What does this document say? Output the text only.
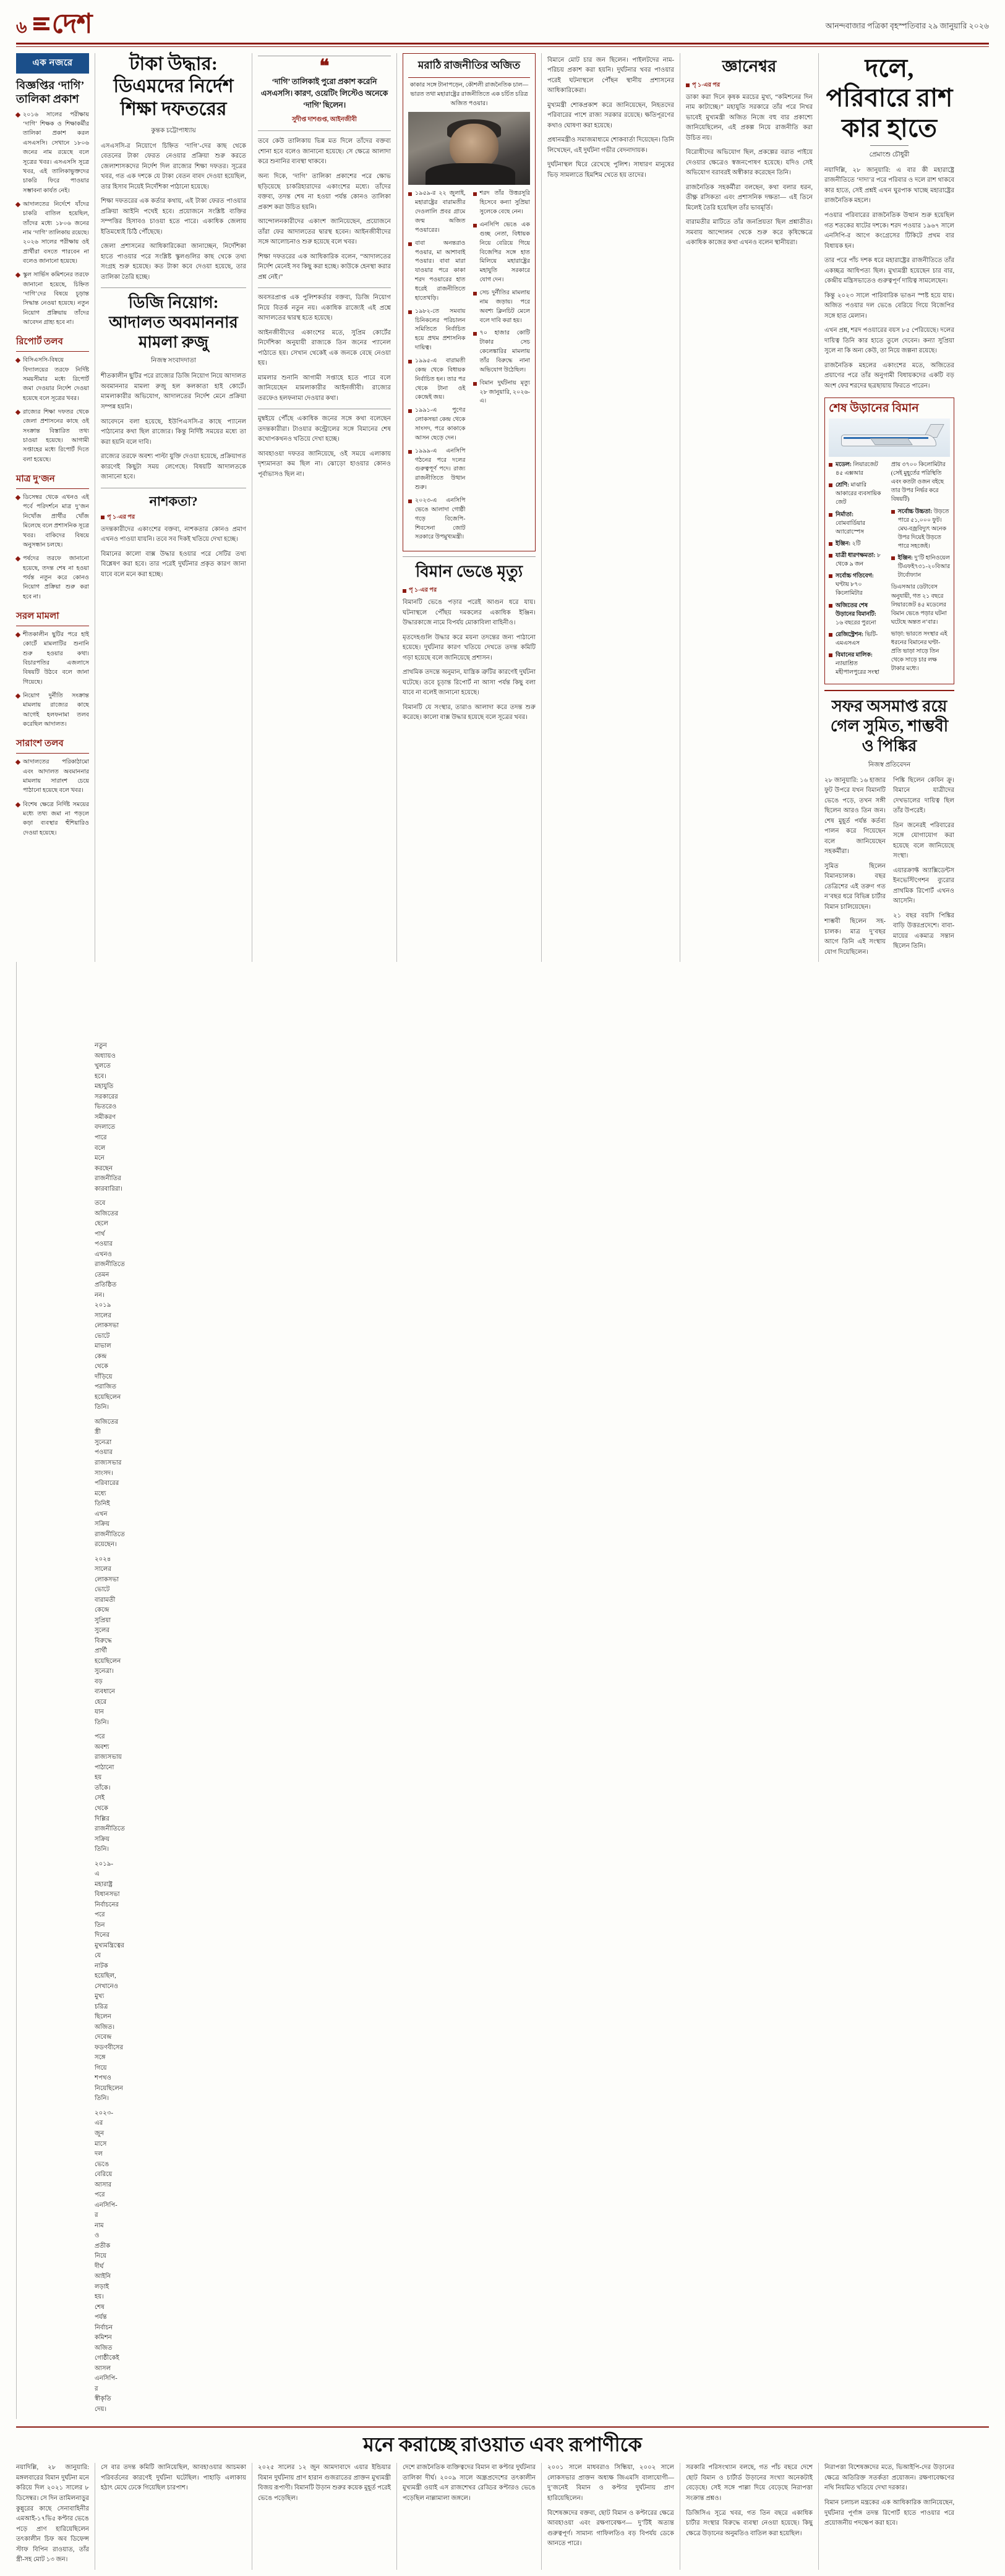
৬ দেশ	আনন্দবাজার পত্রিকা বৃহস্পতিবার ২৯ জানুয়ারি ২০২৬
এক নজরে
বিজ্ঞপ্তির ‘দাগি’ তালিকা প্রকাশ
২০১৬ সালের পরীক্ষায় ‘দাগি’ শিক্ষক ও শিক্ষাকর্মীর তালিকা প্রকাশ করল এসএসসি। সেখানে ১৮০৬ জনের নাম রয়েছে বলে সূত্রের খবর। এসএসসি সূত্রে খবর, এই তালিকাভুক্তদের চাকরি ফিরে পাওয়ার সম্ভাবনা কার্যত নেই।
আদালতের নির্দেশে যাঁদের চাকরি বাতিল হয়েছিল, তাঁদের মধ্যে ১৮০৬ জনের নাম ‘দাগি’ তালিকায় রয়েছে। ২০২৬ সালের পরীক্ষায় ওই প্রার্থীরা বসতে পারবেন না বলেও জানানো হয়েছে।
স্কুল সার্ভিস কমিশনের তরফে জানানো হয়েছে, চিহ্নিত ‘দাগি’দের বিষয়ে চূড়ান্ত সিদ্ধান্ত নেওয়া হয়েছে। নতুন নিয়োগ প্রক্রিয়ায় তাঁদের আবেদন গ্রাহ্য হবে না।
রিপোর্ট তলব
বিসিএসসি-বিষয়ে বিদ্যালয়ের তরফে নির্দিষ্ট সময়সীমার মধ্যে রিপোর্ট জমা দেওয়ার নির্দেশ দেওয়া হয়েছে বলে সূত্রের খবর।
রাজ্যের শিক্ষা দফতর থেকে জেলা প্রশাসনের কাছে ওই সংক্রান্ত বিস্তারিত তথ্য চাওয়া হয়েছে। আগামী সপ্তাহের মধ্যে রিপোর্ট দিতে বলা হয়েছে।
মাত্র দু’জন
ডিসেম্বর থেকে এখনও এই পর্বে পরিদর্শনে মাত্র দু’জন নিখোঁজ প্রার্থীর খোঁজ মিলেছে বলে প্রশাসনিক সূত্রে খবর। বাকিদের বিষয়ে অনুসন্ধান চলছে।
পর্ষদের তরফে জানানো হয়েছে, তদন্ত শেষ না হওয়া পর্যন্ত নতুন করে কোনও নিয়োগ প্রক্রিয়া শুরু করা হবে না।
সরল মামলা
শীতকালীন ছুটির পরে হাই কোর্টে মামলাটির শুনানি শুরু হওয়ার কথা। বিচারপতির এজলাসে বিষয়টি উঠবে বলে জানা গিয়েছে।
নিয়োগ দুর্নীতি সংক্রান্ত মামলায় রাজ্যের কাছে আগেই হলফনামা তলব করেছিল আদালত।
সারাংশ তলব
আদালতের পরিকাঠামো এবং আদালত অবমাননার মামলায় সারাংশ চেয়ে পাঠানো হয়েছে বলে খবর।
বিশেষ ক্ষেত্রে নির্দিষ্ট সময়ের মধ্যে তথ্য জমা না পড়লে কড়া ব্যবস্থার হুঁশিয়ারিও দেওয়া হয়েছে।
টাকা উদ্ধার: ডিএমদের নির্দেশ শিক্ষা দফতরের
কুন্তক চট্টোপাধ্যায়

এসএসসি-র নিয়োগে চিহ্নিত ‘দাগি’-দের কাছ থেকে বেতনের টাকা ফেরত নেওয়ার প্রক্রিয়া শুরু করতে জেলাশাসকদের নির্দেশ দিল রাজ্যের শিক্ষা দফতর। সূত্রের খবর, গত এক দশকে যে টাকা বেতন বাবদ দেওয়া হয়েছিল, তার হিসাব নিয়েই নির্দেশিকা পাঠানো হয়েছে।

শিক্ষা দফতরের এক কর্তার কথায়, এই টাকা ফেরত পাওয়ার প্রক্রিয়া আইনি পথেই হবে। প্রয়োজনে সংশ্লিষ্ট ব্যক্তির সম্পত্তির হিসাবও চাওয়া হতে পারে। একাধিক জেলায় ইতিমধ্যেই চিঠি পৌঁছেছে।

জেলা প্রশাসনের আধিকারিকেরা জানাচ্ছেন, নির্দেশিকা হাতে পাওয়ার পরে সংশ্লিষ্ট স্কুলগুলির কাছ থেকে তথ্য সংগ্রহ শুরু হয়েছে। কত টাকা কবে দেওয়া হয়েছে, তার তালিকা তৈরি হচ্ছে।

ডিজি নিয়োগ: আদালত অবমাননার মামলা রুজু
নিজস্ব সংবাদদাতা

শীতকালীন ছুটির পরে রাজ্যের ডিজি নিয়োগ নিয়ে আদালত অবমাননার মামলা রুজু হল কলকাতা হাই কোর্টে। মামলাকারীর অভিযোগ, আদালতের নির্দেশ মেনে প্রক্রিয়া সম্পন্ন হয়নি।

আবেদনে বলা হয়েছে, ইউপিএসসি-র কাছে প্যানেল পাঠানোর কথা ছিল রাজ্যের। কিন্তু নির্দিষ্ট সময়ের মধ্যে তা করা হয়নি বলে দাবি।

রাজ্যের তরফে অবশ্য পাল্টা যুক্তি দেওয়া হয়েছে, প্রক্রিয়াগত কারণেই কিছুটা সময় লেগেছে। বিষয়টি আদালতকে জানানো হবে।

নাশকতা?
পৃ ১-এর পর

তদন্তকারীদের একাংশের বক্তব্য, নাশকতার কোনও প্রমাণ এখনও পাওয়া যায়নি। তবে সব দিকই খতিয়ে দেখা হচ্ছে।

বিমানের কালো বাক্স উদ্ধার হওয়ার পরে সেটির তথ্য বিশ্লেষণ করা হবে। তার পরেই দুর্ঘটনার প্রকৃত কারণ জানা যাবে বলে মনে করা হচ্ছে।

❝
‘দাগি’ তালিকাই পুরো প্রকাশ করেনি এসএসসি। কারণ, ওয়েটিং লিস্টেও অনেকে ‘দাগি’ ছিলেন।
সুদীপ্ত দাশগুপ্ত, আইনজীবী

তবে কেউ তালিকায় ভিন্ন মত দিলে তাঁদের বক্তব্য শোনা হবে বলেও জানানো হয়েছে। সে ক্ষেত্রে আলাদা করে শুনানির ব্যবস্থা থাকবে।

অন্য দিকে, ‘দাগি’ তালিকা প্রকাশের পরে ক্ষোভ ছড়িয়েছে চাকরিহারাদের একাংশের মধ্যে। তাঁদের বক্তব্য, তদন্ত শেষ না হওয়া পর্যন্ত কোনও তালিকা প্রকাশ করা উচিত হয়নি।

আন্দোলনকারীদের একাংশ জানিয়েছেন, প্রয়োজনে তাঁরা ফের আদালতের দ্বারস্থ হবেন। আইনজীবীদের সঙ্গে আলোচনাও শুরু হয়েছে বলে খবর।

শিক্ষা দফতরের এক আধিকারিক বলেন, “আদালতের নির্দেশ মেনেই সব কিছু করা হচ্ছে। কাউকে হেনস্থা করার প্রশ্ন নেই।”

অবসরপ্রাপ্ত এক পুলিশকর্তার বক্তব্য, ডিজি নিয়োগ নিয়ে বিতর্ক নতুন নয়। একাধিক রাজ্যেই এই প্রশ্নে আদালতের দ্বারস্থ হতে হয়েছে।

আইনজীবীদের একাংশের মতে, সুপ্রিম কোর্টের নির্দেশিকা অনুযায়ী রাজ্যকে তিন জনের প্যানেল পাঠাতে হয়। সেখান থেকেই এক জনকে বেছে নেওয়া হয়।

মামলার শুনানি আগামী সপ্তাহে হতে পারে বলে জানিয়েছেন মামলাকারীর আইনজীবী। রাজ্যের তরফেও হলফনামা দেওয়ার কথা।

মুম্বইয়ে পৌঁছে একাধিক জনের সঙ্গে কথা বলেছেন তদন্তকারীরা। টাওয়ার কন্ট্রোলের সঙ্গে বিমানের শেষ কথোপকথনও খতিয়ে দেখা হচ্ছে।

আবহাওয়া দফতর জানিয়েছে, ওই সময়ে এলাকায় দৃশ্যমানতা কম ছিল না। ঝোড়ো হাওয়ার কোনও পূর্বাভাসও ছিল না।

মরাঠি রাজনীতির অজিত
কাকার সঙ্গে টানাপড়েন, কৌশলী রাজনৈতিক চাল— ভারত তথা মহারাষ্ট্রের রাজনীতিতে এক চর্চিত চরিত্র অজিত পওয়ার।
১৯৫৯-র ২২ জুলাই, মহারাষ্ট্রের বারামতীর দেওলালি প্রবর গ্রামে জন্ম অজিত পওয়ারের।
বাবা অনন্তরাও পওয়ার, মা আশাবাই পওয়ার। বাবা মারা যাওয়ার পরে কাকা শরদ পওয়ারের হাত ধরেই রাজনীতিতে হাতেখড়ি।
১৯৮২-তে সমবায় চিনিকলের পরিচালন সমিতিতে নির্বাচিত হয়ে প্রথম প্রশাসনিক দায়িত্ব।
১৯৯৫-এ বারামতী কেন্দ্র থেকে বিধায়ক নির্বাচিত হন। তার পর থেকে টানা ওই কেন্দ্রেই জয়।
১৯৯১-এ পুণের লোকসভা কেন্দ্র থেকে সাংসদ, পরে কাকাকে আসন ছেড়ে দেন।
১৯৯৯-এ এনসিপি গঠনের পরে দলের গুরুত্বপূর্ণ পদে। রাজ্য রাজনীতিতে উত্থান শুরু।
২০২৩-এ এনসিপি ভেঙে আলাদা গোষ্ঠী গড়ে বিজেপি-শিবসেনা জোট সরকারে উপমুখ্যমন্ত্রী।
শরদ তাঁর উত্তরসূরি হিসেবে কন্যা সুপ্রিয়া সুলেকে বেছে নেন।
এনসিপি ভেঙে এক গুচ্ছ নেতা, বিধায়ক নিয়ে বেরিয়ে গিয়ে বিজেপির সঙ্গে হাত মিলিয়ে মহারাষ্ট্রের মহাযুতি সরকারে যোগ দেন।
সেচ দুর্নীতির মামলায় নাম জড়ায়। পরে অবশ্য ক্লিনচিট মেলে বলে দাবি করা হয়।
৭০ হাজার কোটি টাকার সেচ কেলেঙ্কারির মামলায় তাঁর বিরুদ্ধে নানা অভিযোগ উঠেছিল।
বিমান দুর্ঘটনায় মৃত্যু ২৮ জানুয়ারি, ২০২৬-এ।
বিমান ভেঙে মৃত্যু
পৃ ১-এর পর

বিমানটি ভেঙে পড়ার পরেই আগুন ধরে যায়। ঘটনাস্থলে পৌঁছয় দমকলের একাধিক ইঞ্জিন। উদ্ধারকাজে নামে বিপর্যয় মোকাবিলা বাহিনীও।

মৃতদেহগুলি উদ্ধার করে ময়না তদন্তের জন্য পাঠানো হয়েছে। দুর্ঘটনার কারণ খতিয়ে দেখতে তদন্ত কমিটি গড়া হয়েছে বলে জানিয়েছে প্রশাসন।

প্রাথমিক তদন্তে অনুমান, যান্ত্রিক ত্রুটির কারণেই দুর্ঘটনা ঘটেছে। তবে চূড়ান্ত রিপোর্ট না আসা পর্যন্ত কিছু বলা যাবে না বলেই জানানো হয়েছে।

বিমানটি যে সংস্থার, তারাও আলাদা করে তদন্ত শুরু করেছে। কালো বাক্স উদ্ধার হয়েছে বলে সূত্রের খবর।

বিমানে মোট চার জন ছিলেন। পাইলটদের নাম-পরিচয় প্রকাশ করা হয়নি। দুর্ঘটনার খবর পাওয়ার পরেই ঘটনাস্থলে পৌঁছন স্থানীয় প্রশাসনের আধিকারিকেরা।

মুখ্যমন্ত্রী শোকপ্রকাশ করে জানিয়েছেন, নিহতদের পরিবারের পাশে রাজ্য সরকার রয়েছে। ক্ষতিপূরণের কথাও ঘোষণা করা হয়েছে।

প্রধানমন্ত্রীও সমাজমাধ্যমে শোকবার্তা দিয়েছেন। তিনি লিখেছেন, এই দুর্ঘটনা গভীর বেদনাদায়ক।

দুর্ঘটনাস্থল ঘিরে রেখেছে পুলিশ। সাধারণ মানুষের ভিড় সামলাতে হিমশিম খেতে হয় তাদের।

জ্ঞানেশ্বর
পৃ ১-এর পর

ডাকা করা দিনে কৃষক মরচের মুখ্য, “কমিশনের দিন নাম কাটাচ্ছে।” মহাযুতি সরকারে তাঁর পরে নিখর ভাবেই মুখ্যমন্ত্রী অজিত নিজে বহু বার প্রকাশ্যে জানিয়েছিলেন, এই প্রকল্প নিয়ে রাজনীতি করা উচিত নয়।

বিরোধীদের অভিযোগ ছিল, প্রকল্পের বরাত পাইয়ে দেওয়ার ক্ষেত্রেও স্বজনপোষণ হয়েছে। যদিও সেই অভিযোগ বরাবরই অস্বীকার করেছেন তিনি।

রাজনৈতিক সহকর্মীরা বলছেন, কথা বলার ধরন, তীক্ষ্ণ রসিকতা এবং প্রশাসনিক দক্ষতা— এই তিনে মিলেই তৈরি হয়েছিল তাঁর ভাবমূর্তি।

বারামতীর মাটিতে তাঁর জনপ্রিয়তা ছিল প্রশ্নাতীত। সমবায় আন্দোলন থেকে শুরু করে কৃষিক্ষেত্রে একাধিক কাজের কথা এখনও বলেন স্থানীয়রা।

দলে, পরিবারে রাশ কার হাতে
প্রেমাংশু চৌধুরী

নয়াদিল্লি, ২৮ জানুয়ারি: এ বার কী মহারাষ্ট্রে রাজনীতিতে ‘দাদা’র পরে পরিবার ও দলে রাশ থাকবে কার হাতে, সেই প্রশ্নই এখন ঘুরপাক খাচ্ছে মহারাষ্ট্রের রাজনৈতিক মহলে।

পওয়ার পরিবারের রাজনৈতিক উত্থান শুরু হয়েছিল গত শতকের ষাটের দশকে। শরদ পওয়ার ১৯৬৭ সালে এনসিপি-র আগে কংগ্রেসের টিকিটে প্রথম বার বিধায়ক হন।

তার পরে পাঁচ দশক ধরে মহারাষ্ট্রের রাজনীতিতে তাঁর একচ্ছত্র আধিপত্য ছিল। মুখ্যমন্ত্রী হয়েছেন চার বার, কেন্দ্রীয় মন্ত্রিসভাতেও গুরুত্বপূর্ণ দায়িত্ব সামলেছেন।

কিন্তু ২০২৩ সালে পারিবারিক ভাঙন স্পষ্ট হয়ে যায়। অজিত পওয়ার দল ভেঙে বেরিয়ে গিয়ে বিজেপির সঙ্গে হাত মেলান।

এখন প্রশ্ন, শরদ পওয়ারের বয়স ৮৫ পেরিয়েছে। দলের দায়িত্ব তিনি কার হাতে তুলে দেবেন। কন্যা সুপ্রিয়া সুলে না কি অন্য কেউ, তা নিয়ে জল্পনা রয়েছে।

রাজনৈতিক মহলের একাংশের মতে, অজিতের প্রয়াণের পরে তাঁর অনুগামী বিধায়কদের একটি বড় অংশ ফের শরদের ছত্রছায়ায় ফিরতে পারেন।

শেষ উড়ানের বিমান
মডেল: লিয়ারজেট ৪৫ এক্সআর
শ্রেণি: মাঝারি আকারের ব্যবসায়িক জেট
নির্মাতা: বোমবার্ডিয়ার অ্যারোস্পেস
ইঞ্জিন: ২টি
যাত্রী ধারণক্ষমতা: ৮ থেকে ৯ জন
সর্বোচ্চ গতিবেগ: ঘণ্টায় ৮৭০ কিলোমিটার
অজিতের শেষ উড়ানের বিমানটি: ১৬ বছরের পুরনো
রেজিস্ট্রেশন: ভিটি-এমএসএস
বিমানের মালিক: ন্যায়াশ্রিত মহীপালপুরের সংস্থা
প্রায় ৩৭০০ কিলোমিটার (সেই মুহূর্তের পরিস্থিতি এবং কতটা ওজন বইছে তার উপর নির্ভর করে বিষয়টি)
সর্বোচ্চ উচ্চতা: উড়তে পারে ৫১,০০০ ফুট। মেঘ-বজ্রবিদ্যুৎ অনেক উপর দিয়েই উড়তে পারে সহজেই।
ইঞ্জিন: দু’টি হানিওয়েল টিএফই৭৩১-২০বিআর টার্বোফ্যান
ডিএসআর ডেটাবেস অনুযায়ী, গত ২১ বছরে লিয়ারজেট ৪৫ মডেলের বিমান ভেঙে পড়ার ঘটনা ঘটেছে অন্তত ন’বার।
ভাড়া: ভারতে সংস্থার এই ধরনের বিমানের ঘণ্টা-প্রতি ভাড়া সাড়ে তিন থেকে সাড়ে চার লক্ষ টাকার মধ্যে।
সফর অসমাপ্ত রয়ে গেল সুমিত, শাম্ভবী ও পিঙ্কির
নিজস্ব প্রতিবেদন

২৮ জানুয়ারি: ১৬ হাজার ফুট উপরে যখন বিমানটি ভেঙে পড়ে, তখন সঙ্গী ছিলেন আরও তিন জন। শেষ মুহূর্ত পর্যন্ত কর্তব্য পালন করে গিয়েছেন বলে জানিয়েছেন সহকর্মীরা।

সুমিত ছিলেন বিমানচালক। বছর তেত্রিশের এই তরুণ গত ন’বছর ধরে বিভিন্ন চার্টার বিমান চালিয়েছেন।

শাম্ভবী ছিলেন সহ-চালক। মাত্র দু’বছর আগে তিনি এই সংস্থায় যোগ দিয়েছিলেন।

পিঙ্কি ছিলেন কেবিন ক্রু। বিমানে যাত্রীদের দেখভালের দায়িত্ব ছিল তাঁর উপরেই।

তিন জনেরই পরিবারের সঙ্গে যোগাযোগ করা হয়েছে বলে জানিয়েছে সংস্থা।

এয়ারক্রাফ্ট অ্যাক্সিডেন্টস ইনভেস্টিগেশন ব্যুরোর প্রাথমিক রিপোর্ট এখনও আসেনি।

২১ বছর বয়সি পিঙ্কির বাড়ি উত্তরপ্রদেশে। বাবা-মায়ের একমাত্র সন্তান ছিলেন তিনি।

নতুন অধ্যায়ও খুলতে হবে। মহাযুতি সরকারের ভিতরেও সমীকরণ বদলাতে পারে বলে মনে করছেন রাজনীতির কারবারিরা।

তবে অজিতের ছেলে পার্থ পওয়ার এখনও রাজনীতিতে তেমন প্রতিষ্ঠিত নন। ২০১৯ সালের লোকসভা ভোটে মাভাল কেন্দ্র থেকে দাঁড়িয়ে পরাজিত হয়েছিলেন তিনি।

অজিতের স্ত্রী সুনেত্রা পওয়ার রাজ্যসভার সাংসদ। পরিবারের মধ্যে তিনিই এখন সক্রিয় রাজনীতিতে রয়েছেন।

২০২৪ সালের লোকসভা ভোটে বারামতী কেন্দ্রে সুপ্রিয়া সুলের বিরুদ্ধে প্রার্থী হয়েছিলেন সুনেত্রা। বড় ব্যবধানে হেরে যান তিনি।

পরে অবশ্য রাজ্যসভায় পাঠানো হয় তাঁকে। সেই থেকে দিল্লির রাজনীতিতে সক্রিয় তিনি।

২০১৯-এ মহারাষ্ট্র বিধানসভা নির্বাচনের পরে তিন দিনের মুখ্যমন্ত্রিত্বের যে নাটক হয়েছিল, সেখানেও মুখ্য চরিত্র ছিলেন অজিত। দেবেন্দ্র ফডণবীসের সঙ্গে গিয়ে শপথও নিয়েছিলেন তিনি।

২০২৩-এর জুন মাসে দল ভেঙে বেরিয়ে আসার পরে এনসিপি-র নাম ও প্রতীক নিয়ে দীর্ঘ আইনি লড়াই হয়। শেষ পর্যন্ত নির্বাচন কমিশন অজিত গোষ্ঠীকেই আসল এনসিপি-র স্বীকৃতি দেয়।

মনে করাচ্ছে রাওয়াত এবং রূপাণীকে

নয়াদিল্লি, ২৮ জানুয়ারি: মঙ্গলবারের বিমান দুর্ঘটনা মনে করিয়ে দিল ২০২১ সালের ৮ ডিসেম্বর। সে দিন তামিলনাড়ুর কুন্নুরের কাছে সেনাবাহিনীর এমআই-১৭ভি৫ কপ্টার ভেঙে পড়ে প্রাণ হারিয়েছিলেন তৎকালীন চিফ অব ডিফেন্স স্টাফ বিপিন রাওয়াত, তাঁর স্ত্রী-সহ মোট ১৩ জন।

সে বার তদন্ত কমিটি জানিয়েছিল, আবহাওয়ার আচমকা পরিবর্তনের কারণেই দুর্ঘটনা ঘটেছিল। পাহাড়ি এলাকায় হঠাৎ মেঘে ঢেকে গিয়েছিল চারপাশ।

২০২৫ সালের ১২ জুন আমদাবাদে এয়ার ইন্ডিয়ার বিমান দুর্ঘটনায় প্রাণ হারান গুজরাতের প্রাক্তন মুখ্যমন্ত্রী বিজয় রূপাণী। বিমানটি উড়ান শুরুর কয়েক মুহূর্ত পরেই ভেঙে পড়েছিল।

দেশে রাজনৈতিক ব্যক্তিত্বদের বিমান বা কপ্টার দুর্ঘটনার তালিকা দীর্ঘ। ২০০৯ সালে অন্ধ্রপ্রদেশের তৎকালীন মুখ্যমন্ত্রী ওয়াই এস রাজশেখর রেড্ডির কপ্টারও ভেঙে পড়েছিল নাল্লামালা জঙ্গলে।

২০০১ সালে মাধবরাও সিন্ধিয়া, ২০০২ সালে লোকসভার প্রাক্তন অধ্যক্ষ জিএমসি বালাযোগী— দু’জনেই বিমান ও কপ্টার দুর্ঘটনায় প্রাণ হারিয়েছিলেন।

বিশেষজ্ঞদের বক্তব্য, ছোট বিমান ও কপ্টারের ক্ষেত্রে আবহাওয়া এবং রক্ষণাবেক্ষণ— দু’টিই অত্যন্ত গুরুত্বপূর্ণ। সামান্য গাফিলতিও বড় বিপর্যয় ডেকে আনতে পারে।

সরকারি পরিসংখ্যান বলছে, গত পাঁচ বছরে দেশে ছোট বিমান ও চার্টার্ড উড়ানের সংখ্যা অনেকটাই বেড়েছে। সেই সঙ্গে পাল্লা দিয়ে বেড়েছে নিরাপত্তা সংক্রান্ত প্রশ্নও।

ডিজিসিএ সূত্রে খবর, গত তিন বছরে একাধিক চার্টার সংস্থার বিরুদ্ধে ব্যবস্থা নেওয়া হয়েছে। কিছু ক্ষেত্রে উড়ানের অনুমতিও বাতিল করা হয়েছিল।

নিরাপত্তা বিশেষজ্ঞদের মতে, ভিআইপি-দের উড়ানের ক্ষেত্রে অতিরিক্ত সতর্কতা প্রয়োজন। রক্ষণাবেক্ষণের নথি নিয়মিত খতিয়ে দেখা দরকার।

বিমান চলাচল মন্ত্রকের এক আধিকারিক জানিয়েছেন, দুর্ঘটনার পূর্ণাঙ্গ তদন্ত রিপোর্ট হাতে পাওয়ার পরে প্রয়োজনীয় পদক্ষেপ করা হবে।
